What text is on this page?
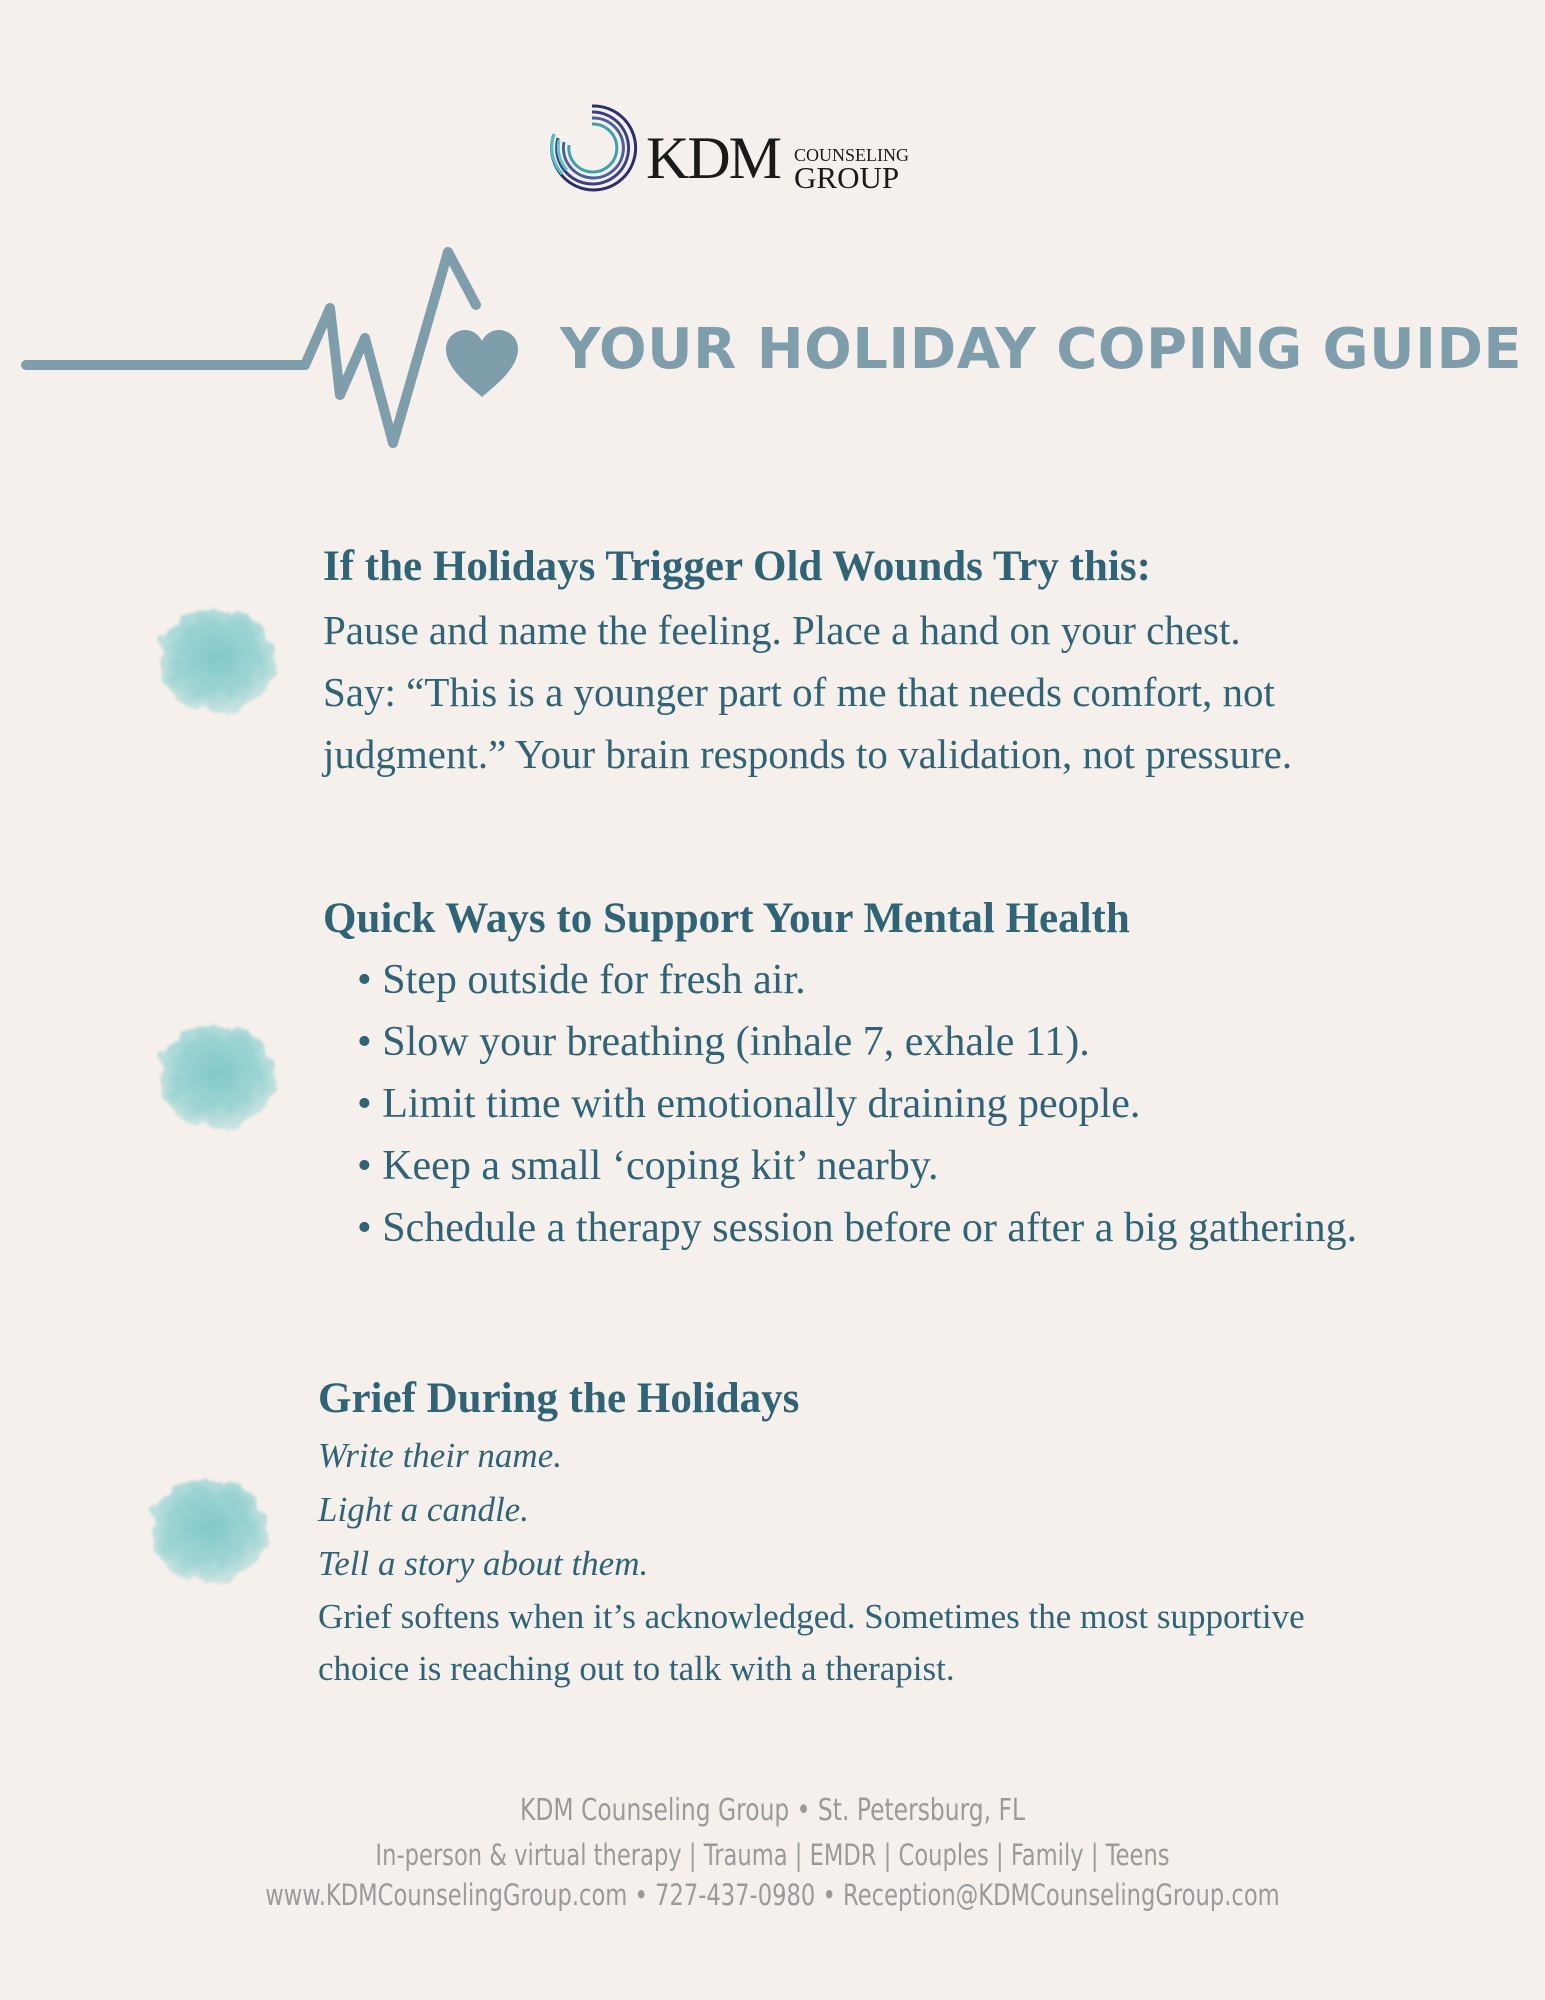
KDM COUNSELING
GROUP
YOUR HOLIDAY COPING GUIDE
If the Holidays Trigger Old Wounds Try this:
Pause and name the feeling. Place a hand on your chest.
Say: “This is a younger part of me that needs comfort, not
judgment.” Your brain responds to validation, not pressure.
Quick Ways to Support Your Mental Health
• Step outside for fresh air.
• Slow your breathing (inhale 7, exhale 11).
• Limit time with emotionally draining people.
• Keep a small ‘coping kit’ nearby.
• Schedule a therapy session before or after a big gathering.
Grief During the Holidays
Write their name.
Light a candle.
Tell a story about them.
Grief softens when it’s acknowledged. Sometimes the most supportive
choice is reaching out to talk with a therapist.
KDM Counseling Group • St. Petersburg, FL
In-person & virtual therapy | Trauma | EMDR | Couples | Family | Teens
www.KDMCounselingGroup.com • 727-437-0980 • Reception@KDMCounselingGroup.com
